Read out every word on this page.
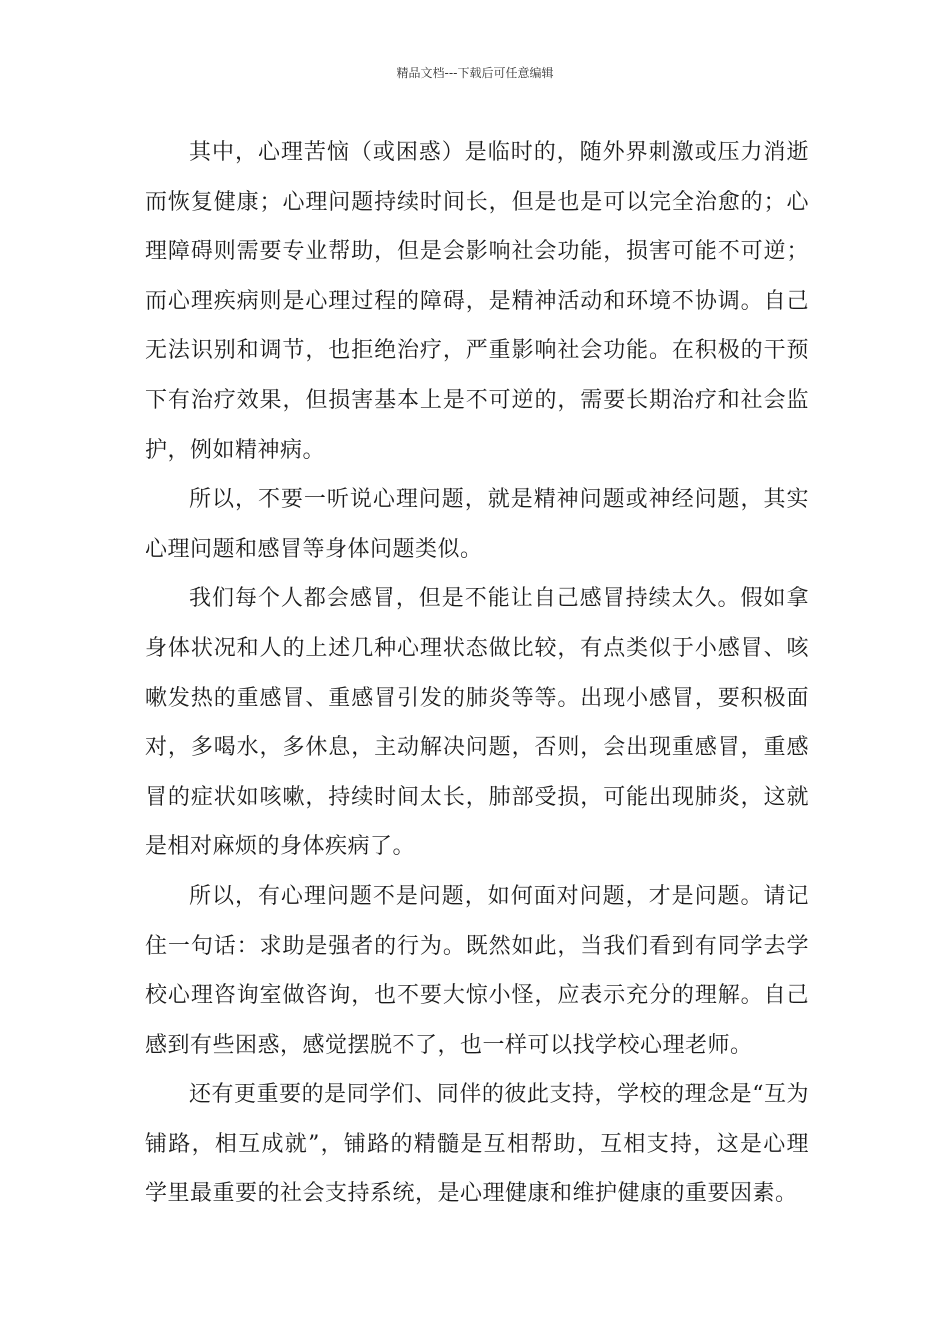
精品文档---下载后可任意编辑

其中，心理苦恼（或困惑）是临时的，随外界刺激或压力消逝而恢复健康；心理问题持续时间长，但是也是可以完全治愈的；心理障碍则需要专业帮助，但是会影响社会功能，损害可能不可逆；而心理疾病则是心理过程的障碍，是精神活动和环境不协调。自己无法识别和调节，也拒绝治疗，严重影响社会功能。在积极的干预下有治疗效果，但损害基本上是不可逆的，需要长期治疗和社会监护，例如精神病。

所以，不要一听说心理问题，就是精神问题或神经问题，其实心理问题和感冒等身体问题类似。

我们每个人都会感冒，但是不能让自己感冒持续太久。假如拿身体状况和人的上述几种心理状态做比较，有点类似于小感冒、咳嗽发热的重感冒、重感冒引发的肺炎等等。出现小感冒，要积极面对，多喝水，多休息，主动解决问题，否则，会出现重感冒，重感冒的症状如咳嗽，持续时间太长，肺部受损，可能出现肺炎，这就是相对麻烦的身体疾病了。

所以，有心理问题不是问题，如何面对问题，才是问题。请记住一句话：求助是强者的行为。既然如此，当我们看到有同学去学校心理咨询室做咨询，也不要大惊小怪，应表示充分的理解。自己感到有些困惑，感觉摆脱不了，也一样可以找学校心理老师。

还有更重要的是同学们、同伴的彼此支持，学校的理念是“互为铺路，相互成就”，铺路的精髓是互相帮助，互相支持，这是心理学里最重要的社会支持系统，是心理健康和维护健康的重要因素。
